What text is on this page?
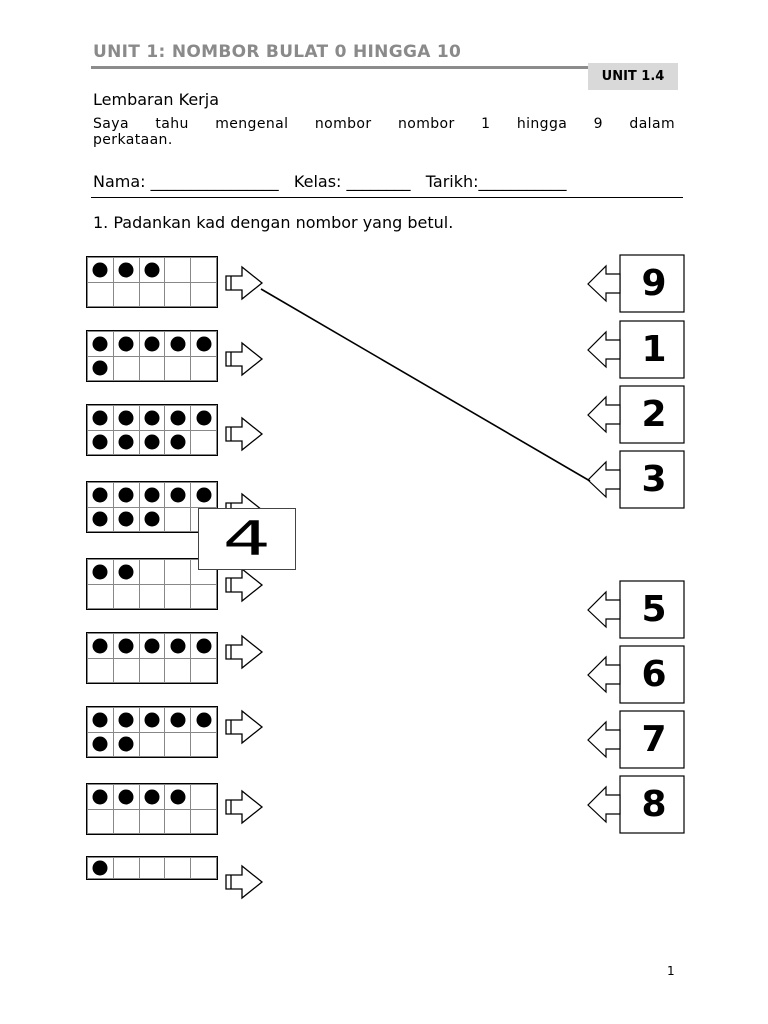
UNIT 1: NOMBOR BULAT 0 HINGGA 10
UNIT 1.4
Lembaran Kerja
Saya tahu mengenal nombor nombor 1 hingga 9 dalam
perkataan.
Nama: ________________   Kelas: ________   Tarikh:___________
1. Padankan kad dengan nombor yang betul.

9
1
2
3
5
6
7
8
4
1
